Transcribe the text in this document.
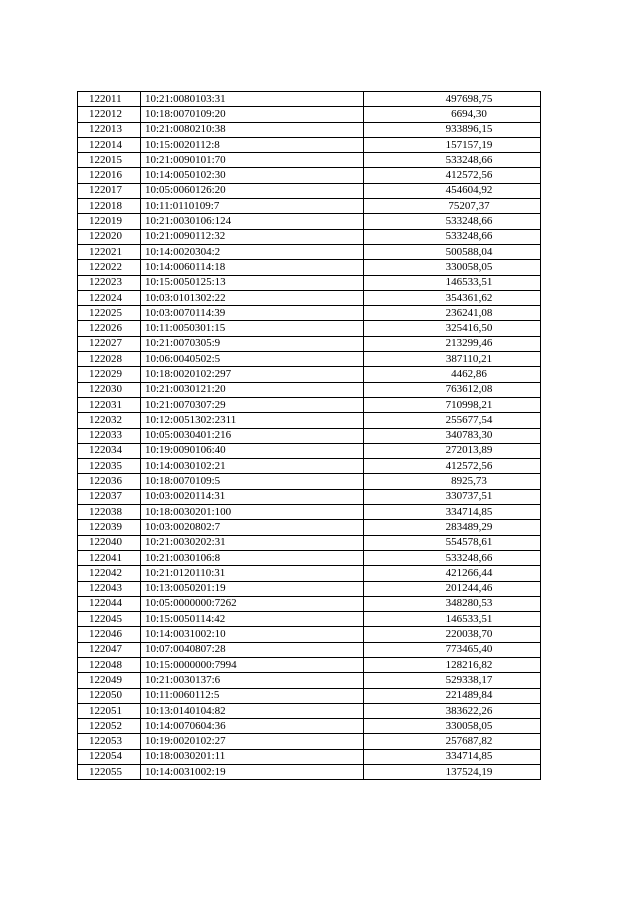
122011	10:21:0080103:31	497698,75
122012	10:18:0070109:20	6694,30
122013	10:21:0080210:38	933896,15
122014	10:15:0020112:8	157157,19
122015	10:21:0090101:70	533248,66
122016	10:14:0050102:30	412572,56
122017	10:05:0060126:20	454604,92
122018	10:11:0110109:7	75207,37
122019	10:21:0030106:124	533248,66
122020	10:21:0090112:32	533248,66
122021	10:14:0020304:2	500588,04
122022	10:14:0060114:18	330058,05
122023	10:15:0050125:13	146533,51
122024	10:03:0101302:22	354361,62
122025	10:03:0070114:39	236241,08
122026	10:11:0050301:15	325416,50
122027	10:21:0070305:9	213299,46
122028	10:06:0040502:5	387110,21
122029	10:18:0020102:297	4462,86
122030	10:21:0030121:20	763612,08
122031	10:21:0070307:29	710998,21
122032	10:12:0051302:2311	255677,54
122033	10:05:0030401:216	340783,30
122034	10:19:0090106:40	272013,89
122035	10:14:0030102:21	412572,56
122036	10:18:0070109:5	8925,73
122037	10:03:0020114:31	330737,51
122038	10:18:0030201:100	334714,85
122039	10:03:0020802:7	283489,29
122040	10:21:0030202:31	554578,61
122041	10:21:0030106:8	533248,66
122042	10:21:0120110:31	421266,44
122043	10:13:0050201:19	201244,46
122044	10:05:0000000:7262	348280,53
122045	10:15:0050114:42	146533,51
122046	10:14:0031002:10	220038,70
122047	10:07:0040807:28	773465,40
122048	10:15:0000000:7994	128216,82
122049	10:21:0030137:6	529338,17
122050	10:11:0060112:5	221489,84
122051	10:13:0140104:82	383622,26
122052	10:14:0070604:36	330058,05
122053	10:19:0020102:27	257687,82
122054	10:18:0030201:11	334714,85
122055	10:14:0031002:19	137524,19
